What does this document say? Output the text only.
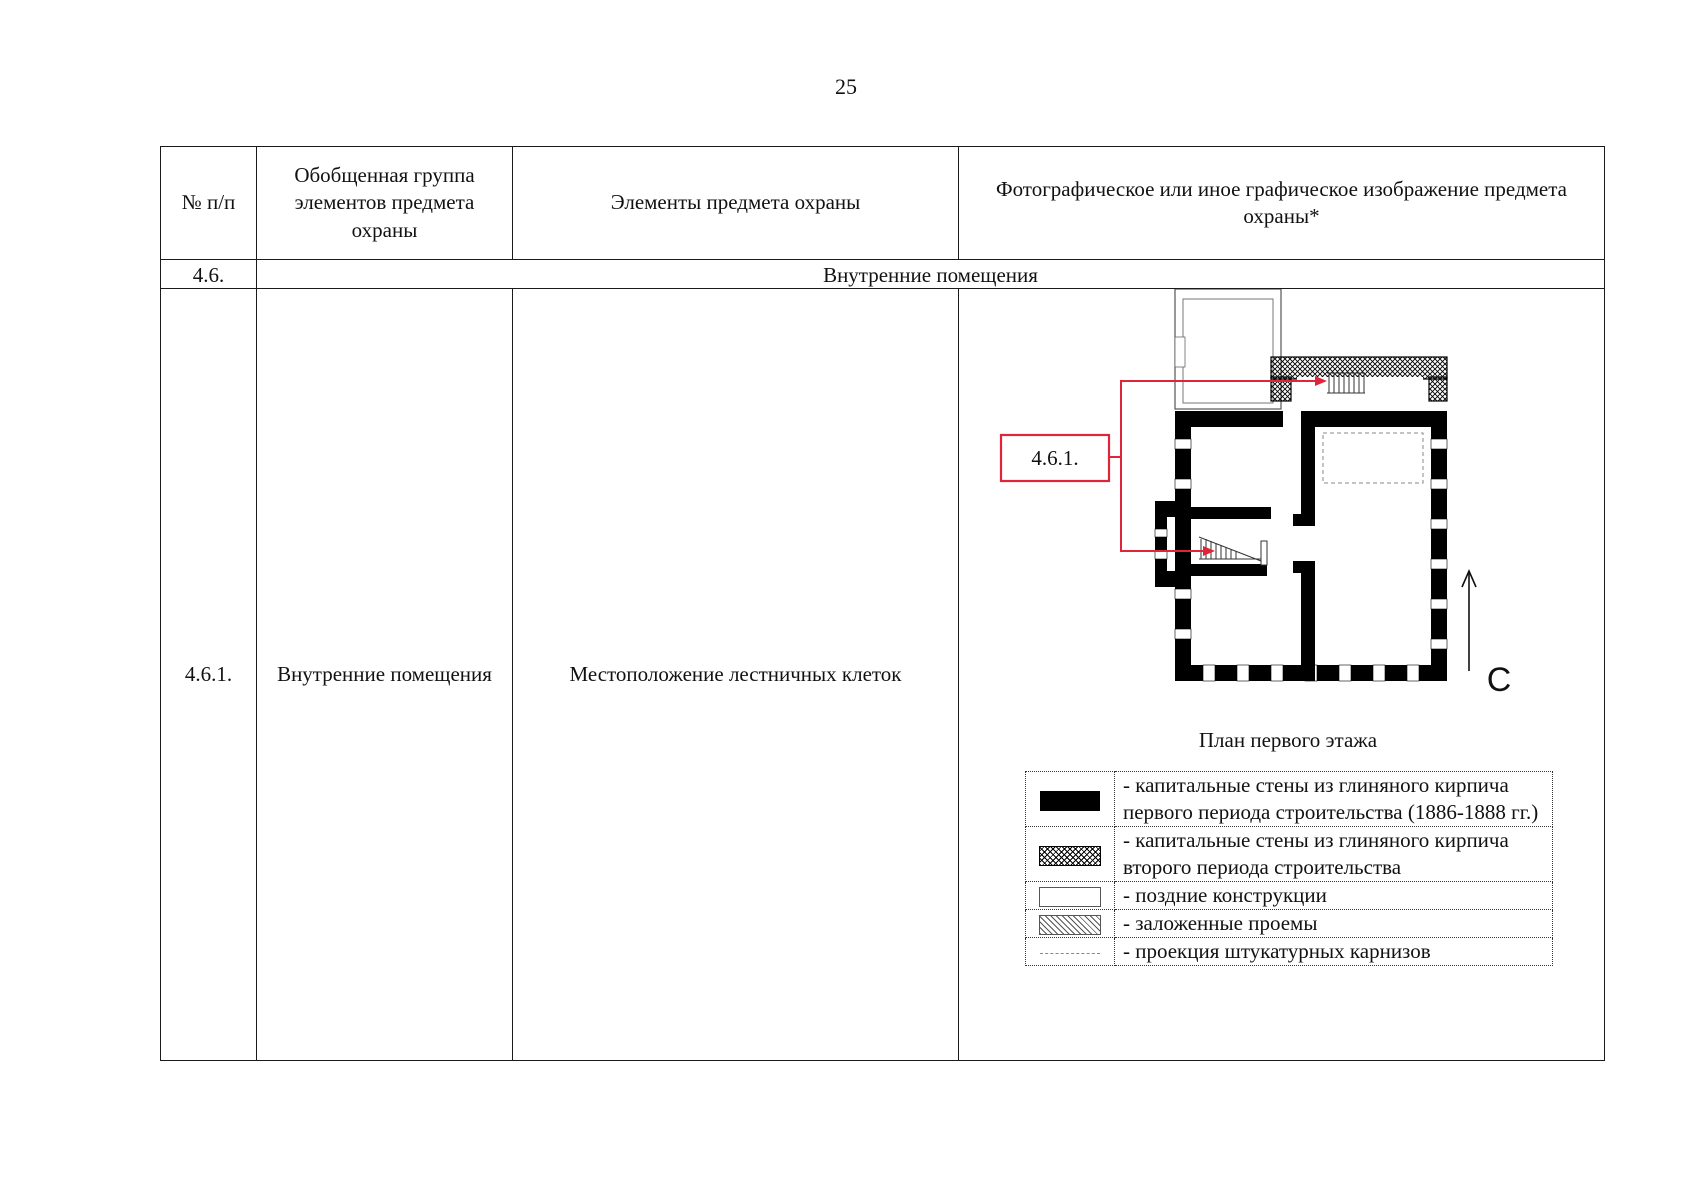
25
№ п/п	Обобщенная группа элементов предмета охраны	Элементы предмета охраны	Фотографическое или иное графическое изображение предмета охраны*
4.6.	Внутренние помещения
4.6.1.	Внутренние помещения	Местоположение лестничных клеток	
4.6.1.
С
План первого этажа
	- капитальные стены из глиняного кирпича первого периода строительства (1886-1888 гг.)
	- капитальные стены из глиняного кирпича второго периода строительства
	- поздние конструкции
	- заложенные проемы
	- проекция штукатурных карнизов
